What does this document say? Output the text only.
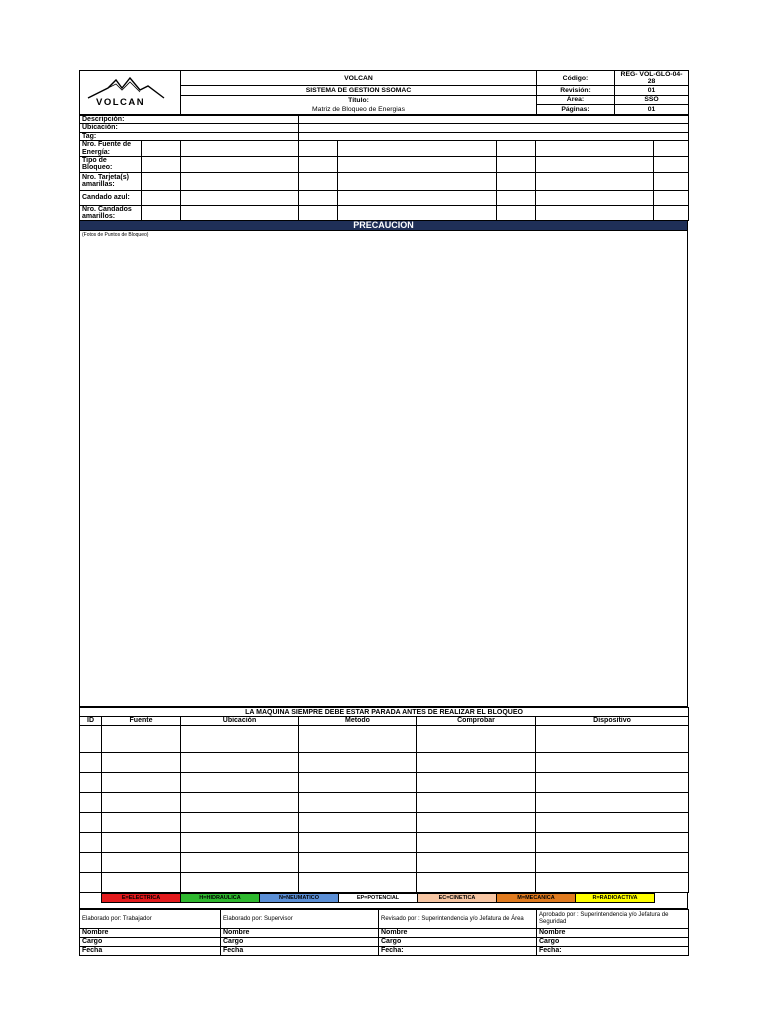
VOLCAN	VOLCAN	Código:	REG- VOL-GLO-04-28
	SISTEMA DE GESTION SSOMAC	Revisión:	01
	Título:	Area:	SSO
	Matriz de Bloqueo de Energias	Páginas:	01
Descripción:							
Ubicación:							
Tag:							
Nro. Fuente de Energía:							
Tipo de Bloqueo:							
Nro. Tarjeta(s) amarillas:							
Candado azul:							
Nro. Candados amarillos:							
PRECAUCION
(Fotos de Puntos de Bloqueo)
LA MAQUINA SIEMPRE DEBE ESTAR PARADA ANTES DE REALIZAR EL BLOQUEO					
ID	Fuente	Ubicación	Metodo	Comprobar	Dispositivo

E=ELECTRICA	H=HIDRAULICA	N=NEUMATICO	EP=POTENCIAL	EC=CINETICA	M=MECANICA	R=RADIOACTIVA
Elaborado por: Trabajador	Elaborado por: Supervisor	Revisado por : Superintendencia y/o Jefatura de Área	Aprobado por : Superintendencia y/o Jefatura de Seguridad
Nombre	Nombre	Nombre	Nombre
Cargo	Cargo	Cargo	Cargo
Fecha	Fecha	Fecha:	Fecha:
